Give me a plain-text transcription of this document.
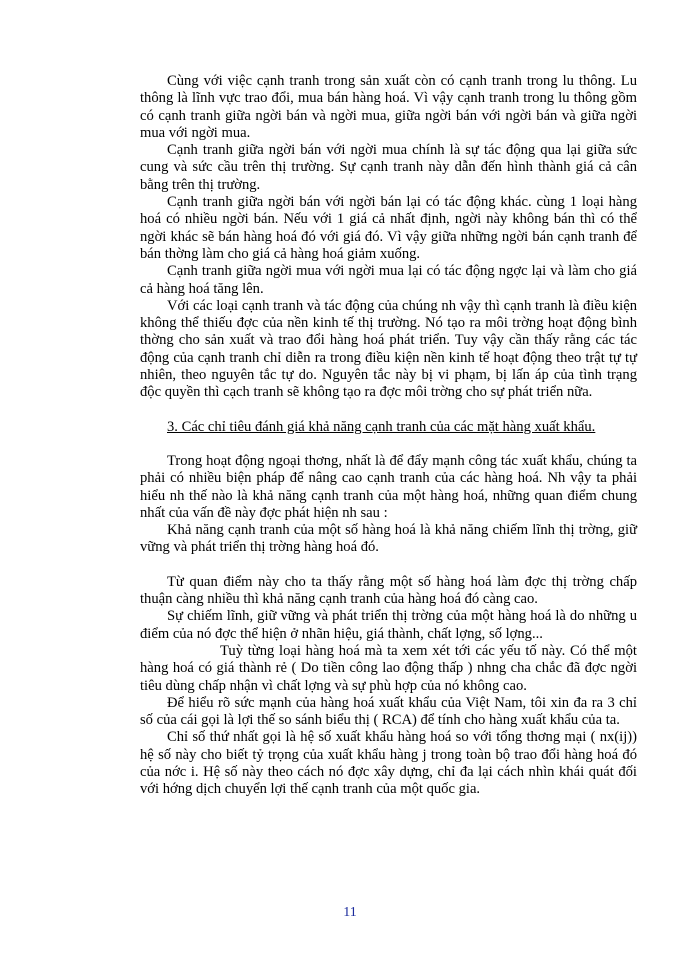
Cùng với việc cạnh tranh trong sản xuất còn có cạnh tranh trong lu thông. Lu thông là lĩnh vực trao đổi, mua bán hàng hoá. Vì vậy cạnh tranh trong lu thông gồm có cạnh tranh giữa ngời bán và ngời mua, giữa ngời bán với ngời bán và giữa ngời mua với ngời mua.

Cạnh tranh giữa ngời bán với ngời mua chính là sự tác động qua lại giữa sức cung và sức cầu trên thị trường. Sự cạnh tranh này dẫn đến hình thành giá cả cân bằng trên thị trường.

Cạnh tranh giữa ngời bán với ngời bán lại có tác động khác. cùng 1 loại hàng hoá có nhiều ngời bán. Nếu với 1 giá cả nhất định, ngời này không bán thì có thể ngời khác sẽ bán hàng hoá đó với giá đó. Vì vậy giữa những ngời bán cạnh tranh để bán thờng làm cho giá cả hàng hoá giảm xuống.

Cạnh tranh giữa ngời mua với ngời mua lại có tác động ngợc lại và làm cho giá cả hàng hoá tăng lên.

Với các loại cạnh tranh và tác động của chúng nh vậy thì cạnh tranh là điều kiện không thể thiếu đợc của nền kinh tế thị trường. Nó tạo ra môi trờng hoạt động bình thờng cho sản xuất và trao đổi hàng hoá phát triển. Tuy vậy cần thấy rằng các tác động của cạnh tranh chỉ diễn ra trong điều kiện nền kinh tế hoạt động theo trật tự tự nhiên, theo nguyên tắc tự do. Nguyên tắc này bị vi phạm, bị lấn áp của tình trạng độc quyền thì cạch tranh sẽ không tạo ra đợc môi trờng cho sự phát triển nữa.

3. Các chỉ tiêu đánh giá khả năng cạnh tranh của các mặt hàng xuất khẩu.

Trong hoạt động ngoại thơng, nhất là để đẩy mạnh công tác xuất khẩu, chúng ta phải có nhiều biện pháp để nâng cao cạnh tranh của các hàng hoá. Nh vậy ta phải hiểu nh thế nào là khả năng cạnh tranh của một hàng hoá, những quan điểm chung nhất của vấn đề này đợc phát hiện nh sau :

Khả năng cạnh tranh của một số hàng hoá là khả năng chiếm lĩnh thị trờng, giữ vững và phát triển thị trờng hàng hoá đó.

Từ quan điểm này cho ta thấy rằng một số hàng hoá làm đợc thị trờng chấp thuận càng nhiều thì khả năng cạnh tranh của hàng hoá đó càng cao.

Sự chiếm lĩnh, giữ vững và phát triển thị trờng của một hàng hoá là do những u điểm của nó đợc thể hiện ở nhãn hiệu, giá thành, chất lợng, số lợng...

Tuỳ từng loại hàng hoá mà ta xem xét tới các yếu tố này. Có thể một hàng hoá có giá thành rẻ ( Do tiền công lao động thấp ) nhng cha chắc đã đợc ngời tiêu dùng chấp nhận vì chất lợng và sự phù hợp của nó không cao.

Để hiểu rõ sức mạnh của hàng hoá xuất khẩu của Việt Nam, tôi xin đa ra 3 chỉ số của cái gọi là lợi thế so sánh biểu thị ( RCA) để tính cho hàng xuất khẩu của ta.

Chỉ số thứ nhất gọi là hệ số xuất khẩu hàng hoá so với tổng thơng mại ( nx(ij)) hệ số này cho biết tỷ trọng của xuất khẩu hàng j trong toàn bộ trao đổi hàng hoá đó của nớc i. Hệ số này theo cách nó đợc xây dựng, chỉ đa lại cách nhìn khái quát đối với hớng dịch chuyển lợi thế cạnh tranh của một quốc gia.

11
